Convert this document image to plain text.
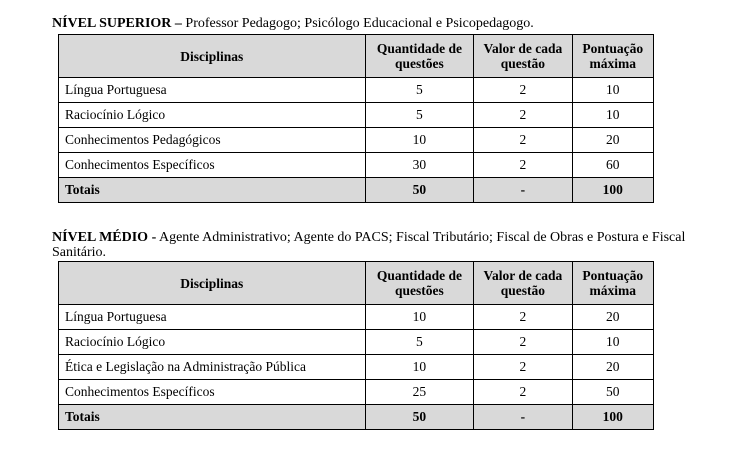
NÍVEL SUPERIOR – Professor Pedagogo; Psicólogo Educacional e Psicopedagogo.

Disciplinas	Quantidade de questões	Valor de cada questão	Pontuação máxima
Língua Portuguesa	5	2	10
Raciocínio Lógico	5	2	10
Conhecimentos Pedagógicos	10	2	20
Conhecimentos Específicos	30	2	60
Totais	50	-	100

NÍVEL MÉDIO - Agente Administrativo; Agente do PACS; Fiscal Tributário; Fiscal de Obras e Postura e Fiscal Sanitário.

Disciplinas	Quantidade de questões	Valor de cada questão	Pontuação máxima
Língua Portuguesa	10	2	20
Raciocínio Lógico	5	2	10
Ética e Legislação na Administração Pública	10	2	20
Conhecimentos Específicos	25	2	50
Totais	50	-	100
